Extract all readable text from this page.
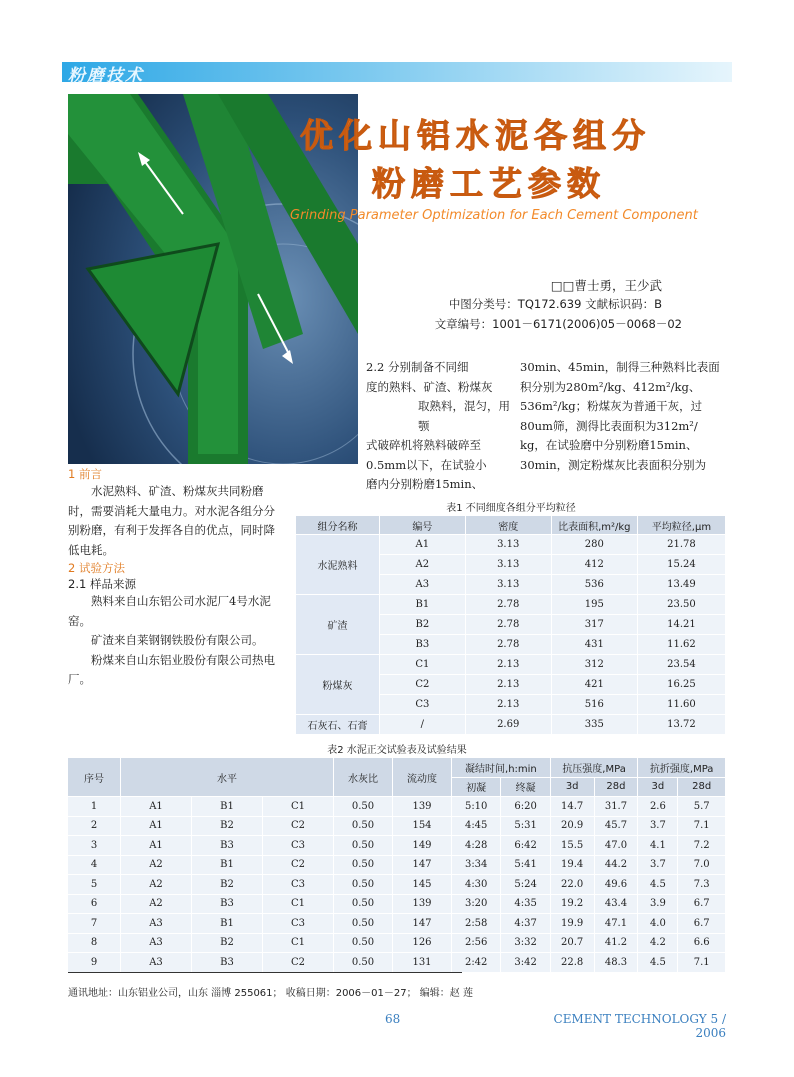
粉磨技术
优化山铝水泥各组分
粉磨工艺参数
Grinding Parameter Optimization for Each Cement Component
□□曹士勇，王少武
中图分类号：TQ172.639 文献标识码：B
文章编号：1001－6171(2006)05－0068－02
2.2 分别制备不同细
度的熟料、矿渣、粉煤灰
取熟料，混匀，用颚
式破碎机将熟料破碎至
0.5mm以下，在试验小
磨内分别粉磨15min、
30min、45min，制得三种熟料比表面
积分别为280m²/kg、412m²/kg、
536m²/kg；粉煤灰为普通干灰，过
80um筛，测得比表面积为312m²/
kg，在试验磨中分别粉磨15min、
30min，测定粉煤灰比表面积分别为
1 前言

水泥熟料、矿渣、粉煤灰共同粉磨时，需要消耗大量电力。对水泥各组分分别粉磨，有利于发挥各自的优点，同时降低电耗。

2 试验方法
2.1 样品来源

熟料来自山东铝公司水泥厂4号水泥窑。

矿渣来自莱钢钢铁股份有限公司。

粉煤来自山东铝业股份有限公司热电厂。

表1 不同细度各组分平均粒径
组分名称	编号	密度	比表面积,m²/kg	平均粒径,μm
水泥熟料	A1	3.13	280	21.78
	A2	3.13	412	15.24
	A3	3.13	536	13.49
矿渣	B1	2.78	195	23.50
	B2	2.78	317	14.21
	B3	2.78	431	11.62
粉煤灰	C1	2.13	312	23.54
	C2	2.13	421	16.25
	C3	2.13	516	11.60
石灰石、石膏	/	2.69	335	13.72
表2 水泥正交试验表及试验结果
序号	水平			水灰比	流动度	凝结时间,h:min		抗压强度,MPa		抗折强度,MPa	
						初凝	终凝	3d	28d	3d	28d
1	A1	B1	C1	0.50	139	5:10	6:20	14.7	31.7	2.6	5.7
2	A1	B2	C2	0.50	154	4:45	5:31	20.9	45.7	3.7	7.1
3	A1	B3	C3	0.50	149	4:28	6:42	15.5	47.0	4.1	7.2
4	A2	B1	C2	0.50	147	3:34	5:41	19.4	44.2	3.7	7.0
5	A2	B2	C3	0.50	145	4:30	5:24	22.0	49.6	4.5	7.3
6	A2	B3	C1	0.50	139	3:20	4:35	19.2	43.4	3.9	6.7
7	A3	B1	C3	0.50	147	2:58	4:37	19.9	47.1	4.0	6.7
8	A3	B2	C1	0.50	126	2:56	3:32	20.7	41.2	4.2	6.6
9	A3	B3	C2	0.50	131	2:42	3:42	22.8	48.3	4.5	7.1
通讯地址：山东铝业公司，山东 淄博 255061； 收稿日期：2006－01－27； 编辑：赵 莲
68	CEMENT TECHNOLOGY 5 / 2006
